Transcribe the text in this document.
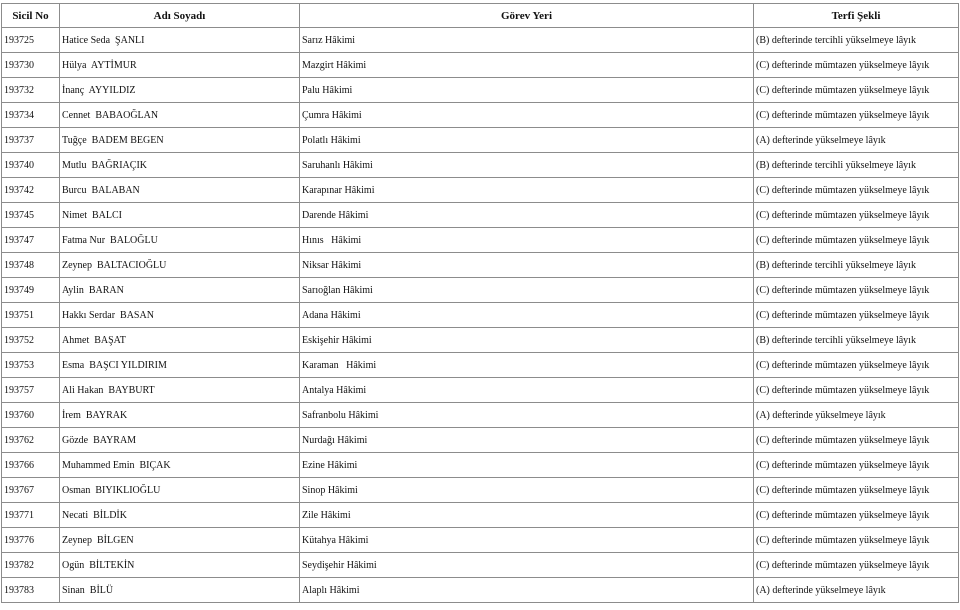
Sicil No	Adı Soyadı	Görev Yeri	Terfi Şekli
193725	Hatice Seda  ŞANLI	Sarız Hâkimi	(B) defterinde tercihli yükselmeye lâyık
193730	Hülya  AYTİMUR	Mazgirt Hâkimi	(C) defterinde mümtazen yükselmeye lâyık
193732	İnanç  AYYILDIZ	Palu Hâkimi	(C) defterinde mümtazen yükselmeye lâyık
193734	Cennet  BABAOĞLAN	Çumra Hâkimi	(C) defterinde mümtazen yükselmeye lâyık
193737	Tuğçe  BADEM BEGEN	Polatlı Hâkimi	(A) defterinde yükselmeye lâyık
193740	Mutlu  BAĞRIAÇIK	Saruhanlı Hâkimi	(B) defterinde tercihli yükselmeye lâyık
193742	Burcu  BALABAN	Karapınar Hâkimi	(C) defterinde mümtazen yükselmeye lâyık
193745	Nimet  BALCI	Darende Hâkimi	(C) defterinde mümtazen yükselmeye lâyık
193747	Fatma Nur  BALOĞLU	Hınıs   Hâkimi	(C) defterinde mümtazen yükselmeye lâyık
193748	Zeynep  BALTACIOĞLU	Niksar Hâkimi	(B) defterinde tercihli yükselmeye lâyık
193749	Aylin  BARAN	Sarıoğlan Hâkimi	(C) defterinde mümtazen yükselmeye lâyık
193751	Hakkı Serdar  BASAN	Adana Hâkimi	(C) defterinde mümtazen yükselmeye lâyık
193752	Ahmet  BAŞAT	Eskişehir Hâkimi	(B) defterinde tercihli yükselmeye lâyık
193753	Esma  BAŞCI YILDIRIM	Karaman   Hâkimi	(C) defterinde mümtazen yükselmeye lâyık
193757	Ali Hakan  BAYBURT	Antalya Hâkimi	(C) defterinde mümtazen yükselmeye lâyık
193760	İrem  BAYRAK	Safranbolu Hâkimi	(A) defterinde yükselmeye lâyık
193762	Gözde  BAYRAM	Nurdağı Hâkimi	(C) defterinde mümtazen yükselmeye lâyık
193766	Muhammed Emin  BIÇAK	Ezine Hâkimi	(C) defterinde mümtazen yükselmeye lâyık
193767	Osman  BIYIKLIOĞLU	Sinop Hâkimi	(C) defterinde mümtazen yükselmeye lâyık
193771	Necati  BİLDİK	Zile Hâkimi	(C) defterinde mümtazen yükselmeye lâyık
193776	Zeynep  BİLGEN	Kütahya Hâkimi	(C) defterinde mümtazen yükselmeye lâyık
193782	Ogün  BİLTEKİN	Seydişehir Hâkimi	(C) defterinde mümtazen yükselmeye lâyık
193783	Sinan  BİLÜ	Alaplı Hâkimi	(A) defterinde yükselmeye lâyık
